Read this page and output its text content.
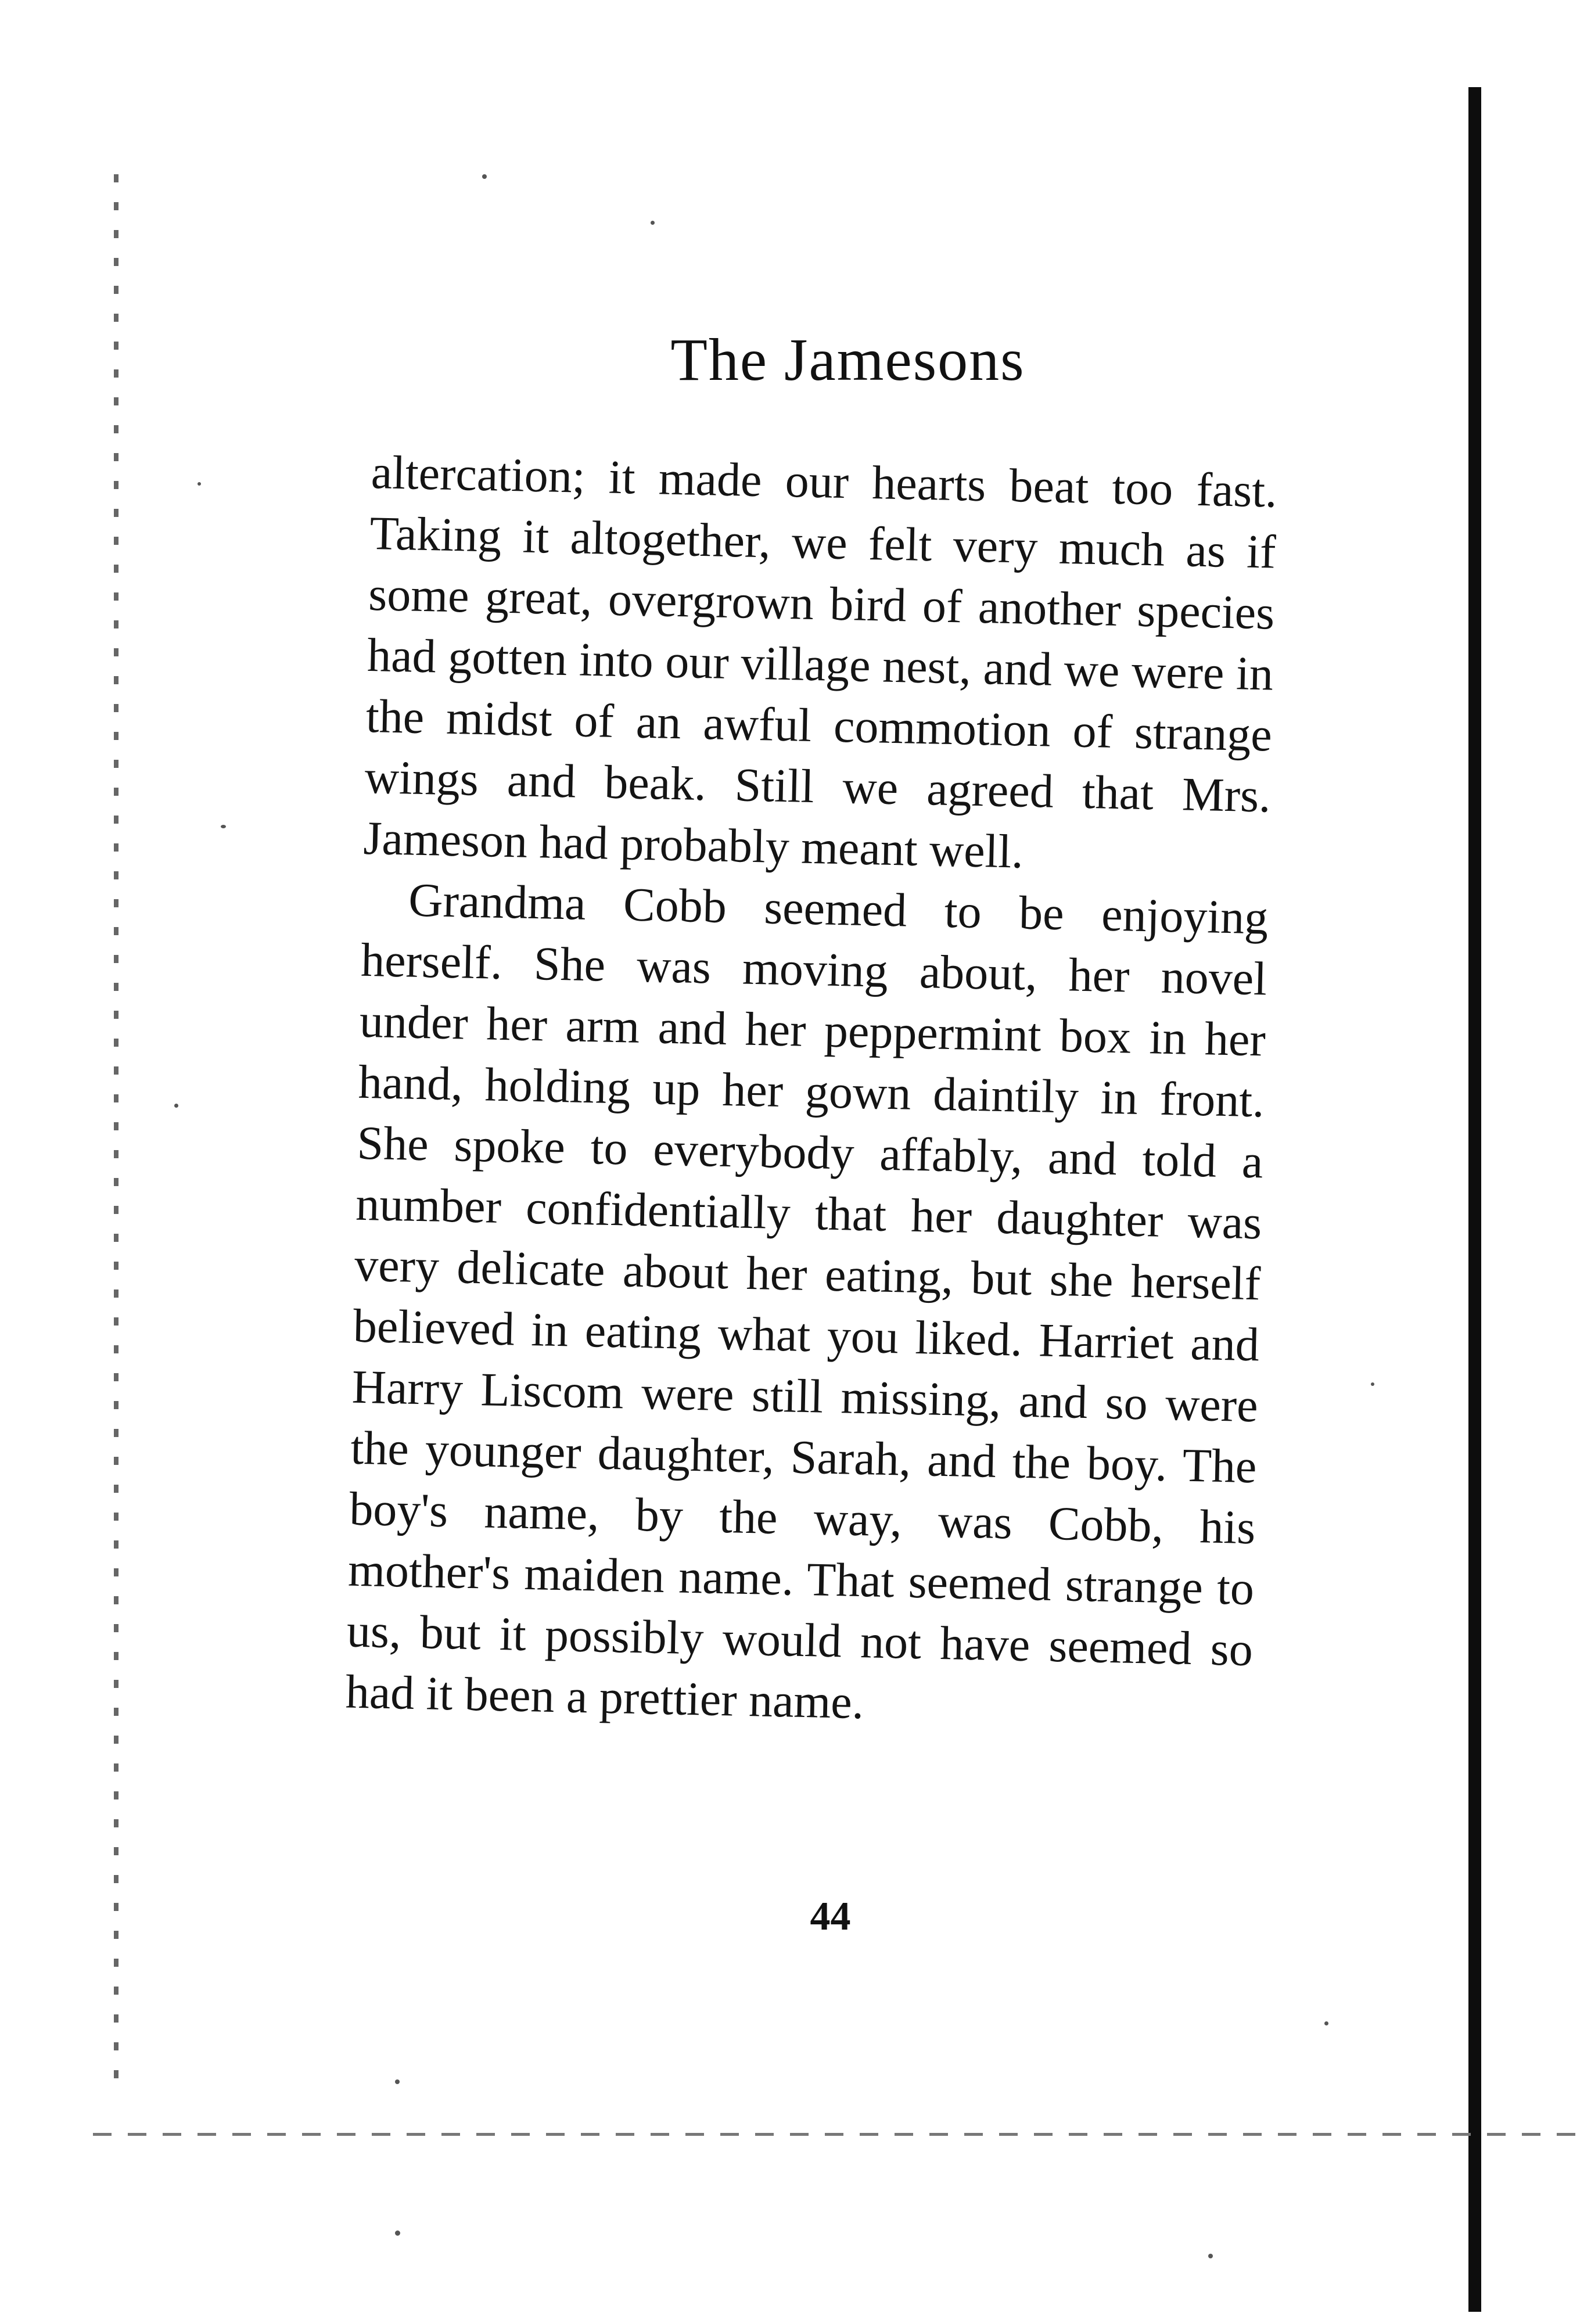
The Jamesons

altercation; it made our hearts beat too fast. Taking it altogether, we felt very much as if some great, overgrown bird of another species had gotten into our village nest, and we were in the midst of an awful commotion of strange wings and beak. Still we agreed that Mrs. Jameson had probably meant well.

Grandma Cobb seemed to be enjoying herself. She was moving about, her novel under her arm and her peppermint box in her hand, holding up her gown daintily in front. She spoke to everybody affably, and told a number confidentially that her daughter was very delicate about her eating, but she herself believed in eating what you liked. Harriet and Harry Liscom were still missing, and so were the younger daughter, Sarah, and the boy. The boy's name, by the way, was Cobb, his mother's maiden name. That seemed strange to us, but it possibly would not have seemed so had it been a prettier name.

44
